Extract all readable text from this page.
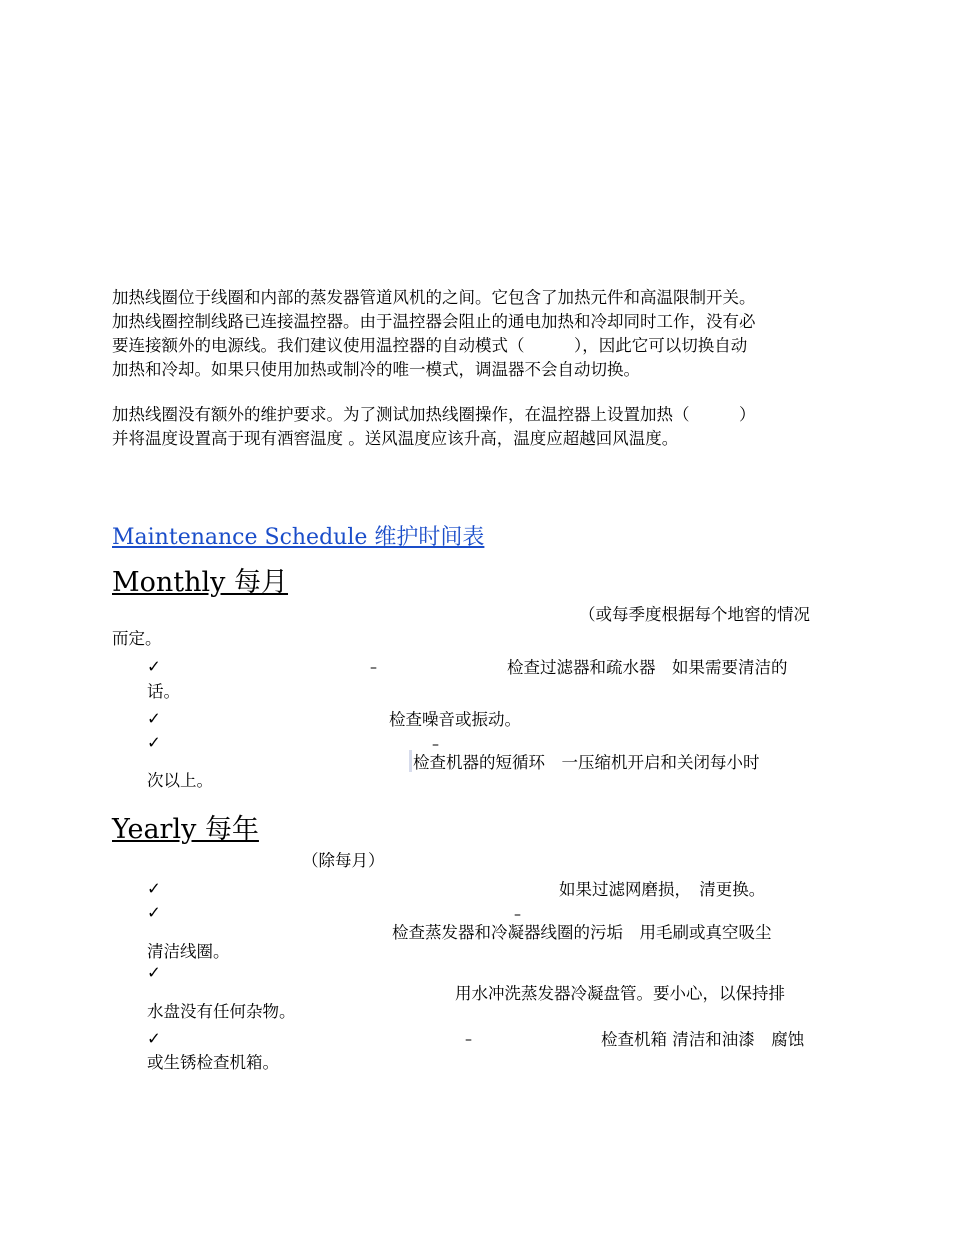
加热线圈位于线圈和内部的蒸发器管道风机的之间。它包含了加热元件和高温限制开关。
加热线圈控制线路已连接温控器。由于温控器会阻止的通电加热和冷却同时工作，没有必
要连接额外的电源线。我们建议使用温控器的自动模式（　　　），因此它可以切换自动
加热和冷却。如果只使用加热或制冷的唯一模式，调温器不会自动切换。
加热线圈没有额外的维护要求。为了测试加热线圈操作，在温控器上设置加热（　　　）
并将温度设置高于现有酒窖温度 。送风温度应该升高，温度应超越回风温度。
Maintenance Schedule 维护时间表
Monthly 每月
（或每季度根据每个地窖的情况
而定。
✓	–	检查过滤器和疏水器　如果需要清洁的
话。
✓	检查噪音或振动。
✓	–
检查机器的短循环　一压缩机开启和关闭每小时
次以上。
Yearly 每年
（除每月）
✓	如果过滤网磨损，　清更换。
✓	–
检查蒸发器和冷凝器线圈的污垢　用毛刷或真空吸尘
清洁线圈。
✓
用水冲洗蒸发器冷凝盘管。要小心，以保持排
水盘没有任何杂物。
✓	–	检查机箱 清洁和油漆　腐蚀
或生锈检查机箱。
